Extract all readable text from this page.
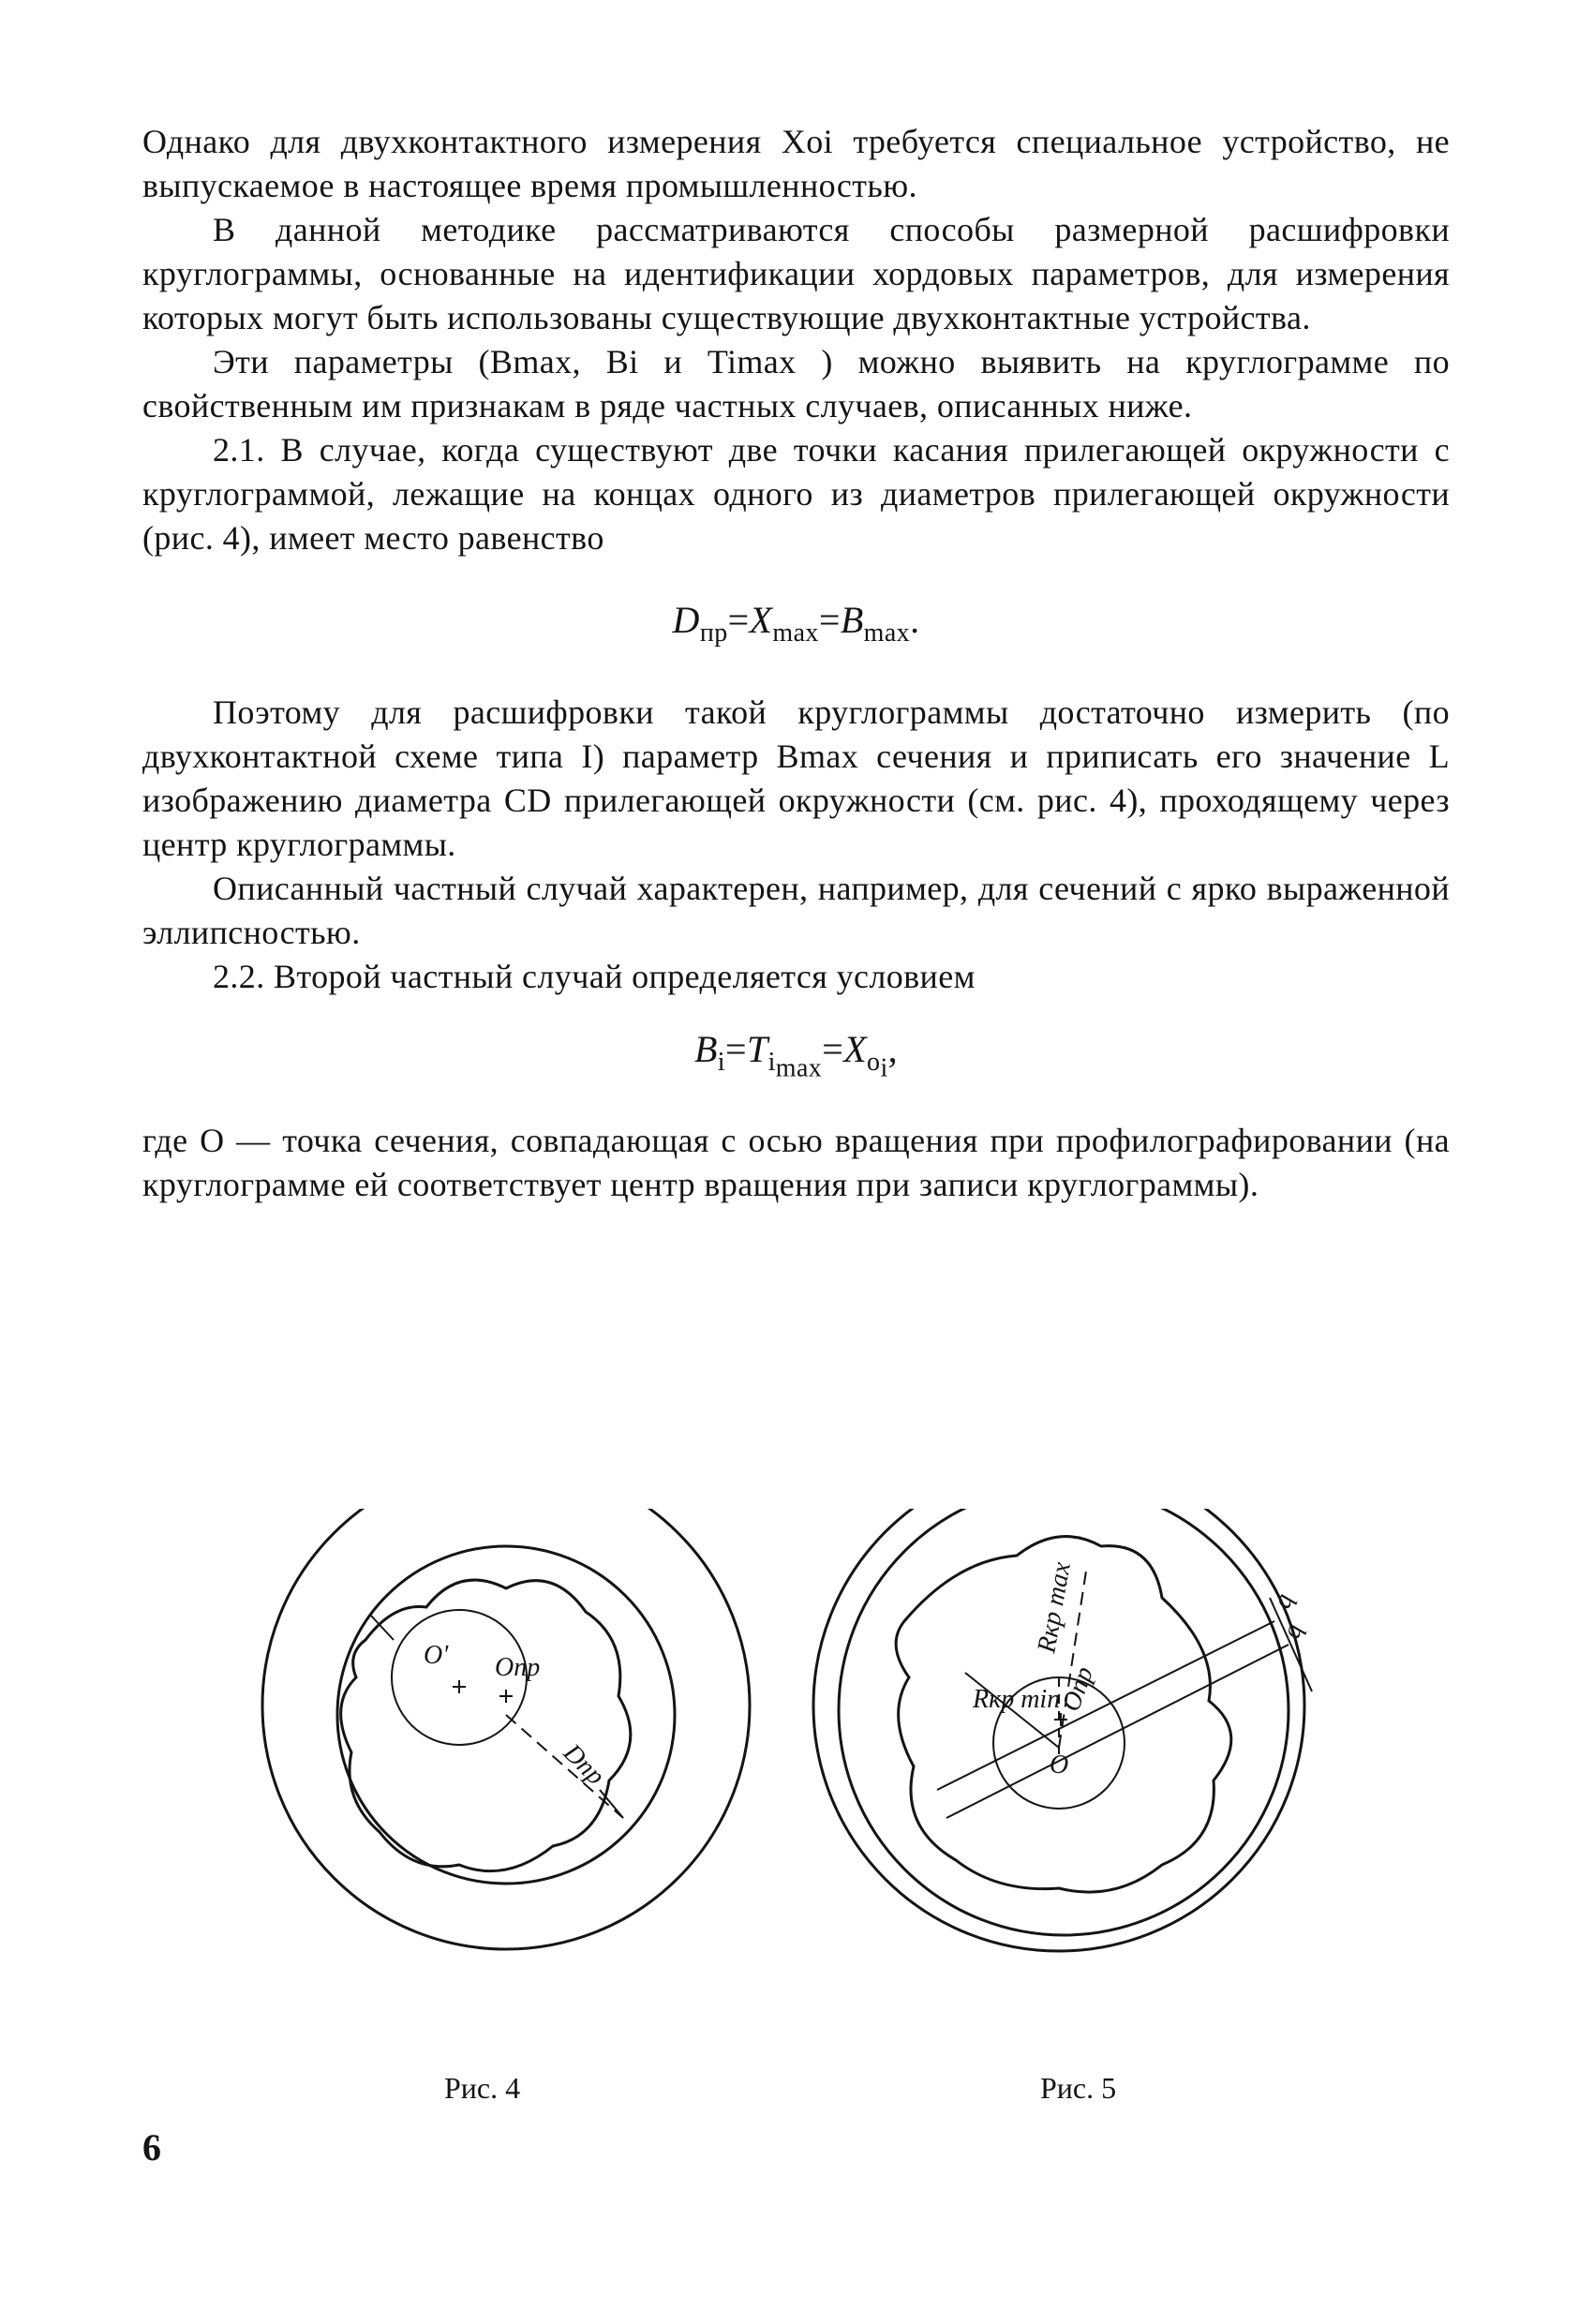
Однако для двухконтактного измерения Xoi требуется специальное устройство, не выпускаемое в настоящее время промышленностью.

В данной методике рассматриваются способы размерной расшифровки круглограммы, основанные на идентификации хордовых параметров, для измерения которых могут быть использованы существующие двухконтактные устройства.

Эти параметры (Bmax, Bi и Timax ) можно выявить на круглограмме по свойственным им признакам в ряде частных случаев, описанных ниже.

2.1. В случае, когда существуют две точки касания прилегающей окружности с круглограммой, лежащие на концах одного из диаметров прилегающей окружности (рис. 4), имеет место равенство

$D_{пр}=X_{max}=B_{max}$.

Поэтому для расшифровки такой круглограммы достаточно измерить (по двухконтактной схеме типа I) параметр Bmax сечения и приписать его значение L изображению диаметра CD прилегающей окружности (см. рис. 4), проходящему через центр круглограммы.

Описанный частный случай характерен, например, для сечений с ярко выраженной эллипсностью.

2.2. Второй частный случай определяется условием

$B_i=T_{i_{max}}=X_{o_i}$,

где O — точка сечения, совпадающая с осью вращения при профилографировании (на круглограмме ей соответствует центр вращения при записи круглограммы).

O' Oпр
Dпр
Rкр max
Rкр min
Oпр
O
q
q
Рис. 4	Рис. 5
6
